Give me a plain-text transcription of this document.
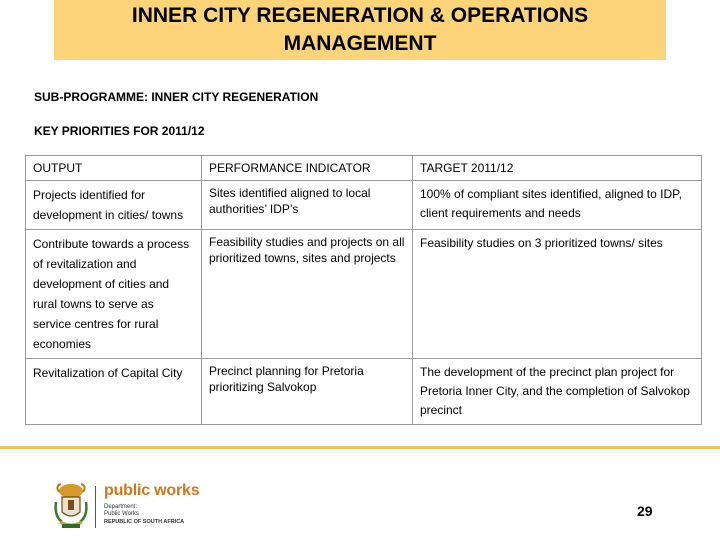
INNER CITY REGENERATION & OPERATIONS
MANAGEMENT
SUB-PROGRAMME: INNER CITY REGENERATION
KEY PRIORITIES FOR 2011/12
OUTPUT	PERFORMANCE INDICATOR	TARGET 2011/12
Projects identified for development in cities/ towns	Sites identified aligned to local authorities’ IDP’s	100% of compliant sites identified, aligned to IDP, client requirements and needs
Contribute towards a process of revitalization and development of cities and rural towns to serve as service centres for rural economies	Feasibility studies and projects on all prioritized towns, sites and projects	Feasibility studies on 3 prioritized towns/ sites
Revitalization of Capital City	Precinct planning for Pretoria prioritizing Salvokop	The development of the precinct plan project for Pretoria Inner City, and the completion of Salvokop precinct
public works
Department:
Public Works
REPUBLIC OF SOUTH AFRICA
29
